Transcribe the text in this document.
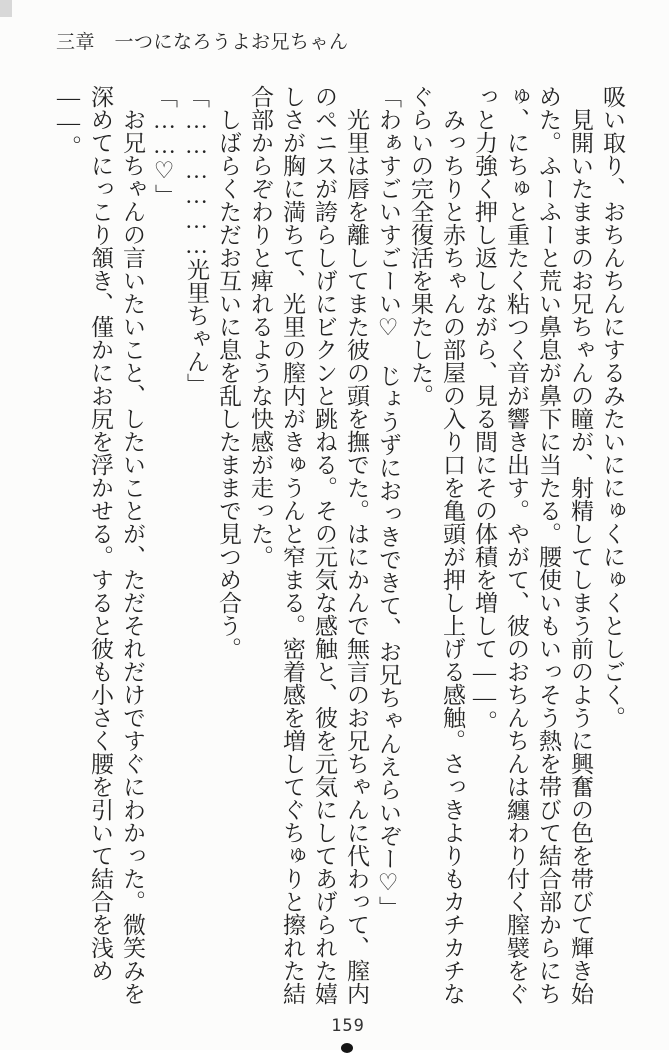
三章　一つになろうよお兄ちゃん

吸い取り、おちんちんにするみたいににゅくにゅくとしごく。

見開いたままのお兄ちゃんの瞳が、射精してしまう前のように興奮の色を帯びて輝き始めた。ふーふーと荒い鼻息が鼻下に当たる。腰使いもいっそう熱を帯びて結合部からにちゅ、にちゅと重たく粘つく音が響き出す。やがて、彼のおちんちんは纏わり付く膣襞をぐっと力強く押し返しながら、見る間にその体積を増して――。

みっちりと赤ちゃんの部屋の入り口を亀頭が押し上げる感触。さっきよりもカチカチなぐらいの完全復活を果たした。

「わぁすごいすごーい♡　じょうずにおっきできて、お兄ちゃんえらいぞー♡」

光里は唇を離してまた彼の頭を撫でた。はにかんで無言のお兄ちゃんに代わって、膣内のペニスが誇らしげにビクンと跳ねる。その元気な感触と、彼を元気にしてあげられた嬉しさが胸に満ちて、光里の膣内がきゅうんと窄まる。密着感を増してぐちゅりと擦れた結合部からぞわりと痺れるような快感が走った。

しばらくただお互いに息を乱したままで見つめ合う。

「………………光里ちゃん」

「……♡」

お兄ちゃんの言いたいこと、したいことが、ただそれだけですぐにわかった。微笑みを深めてにっこり頷き、僅かにお尻を浮かせる。すると彼も小さく腰を引いて結合を浅め――。

159
